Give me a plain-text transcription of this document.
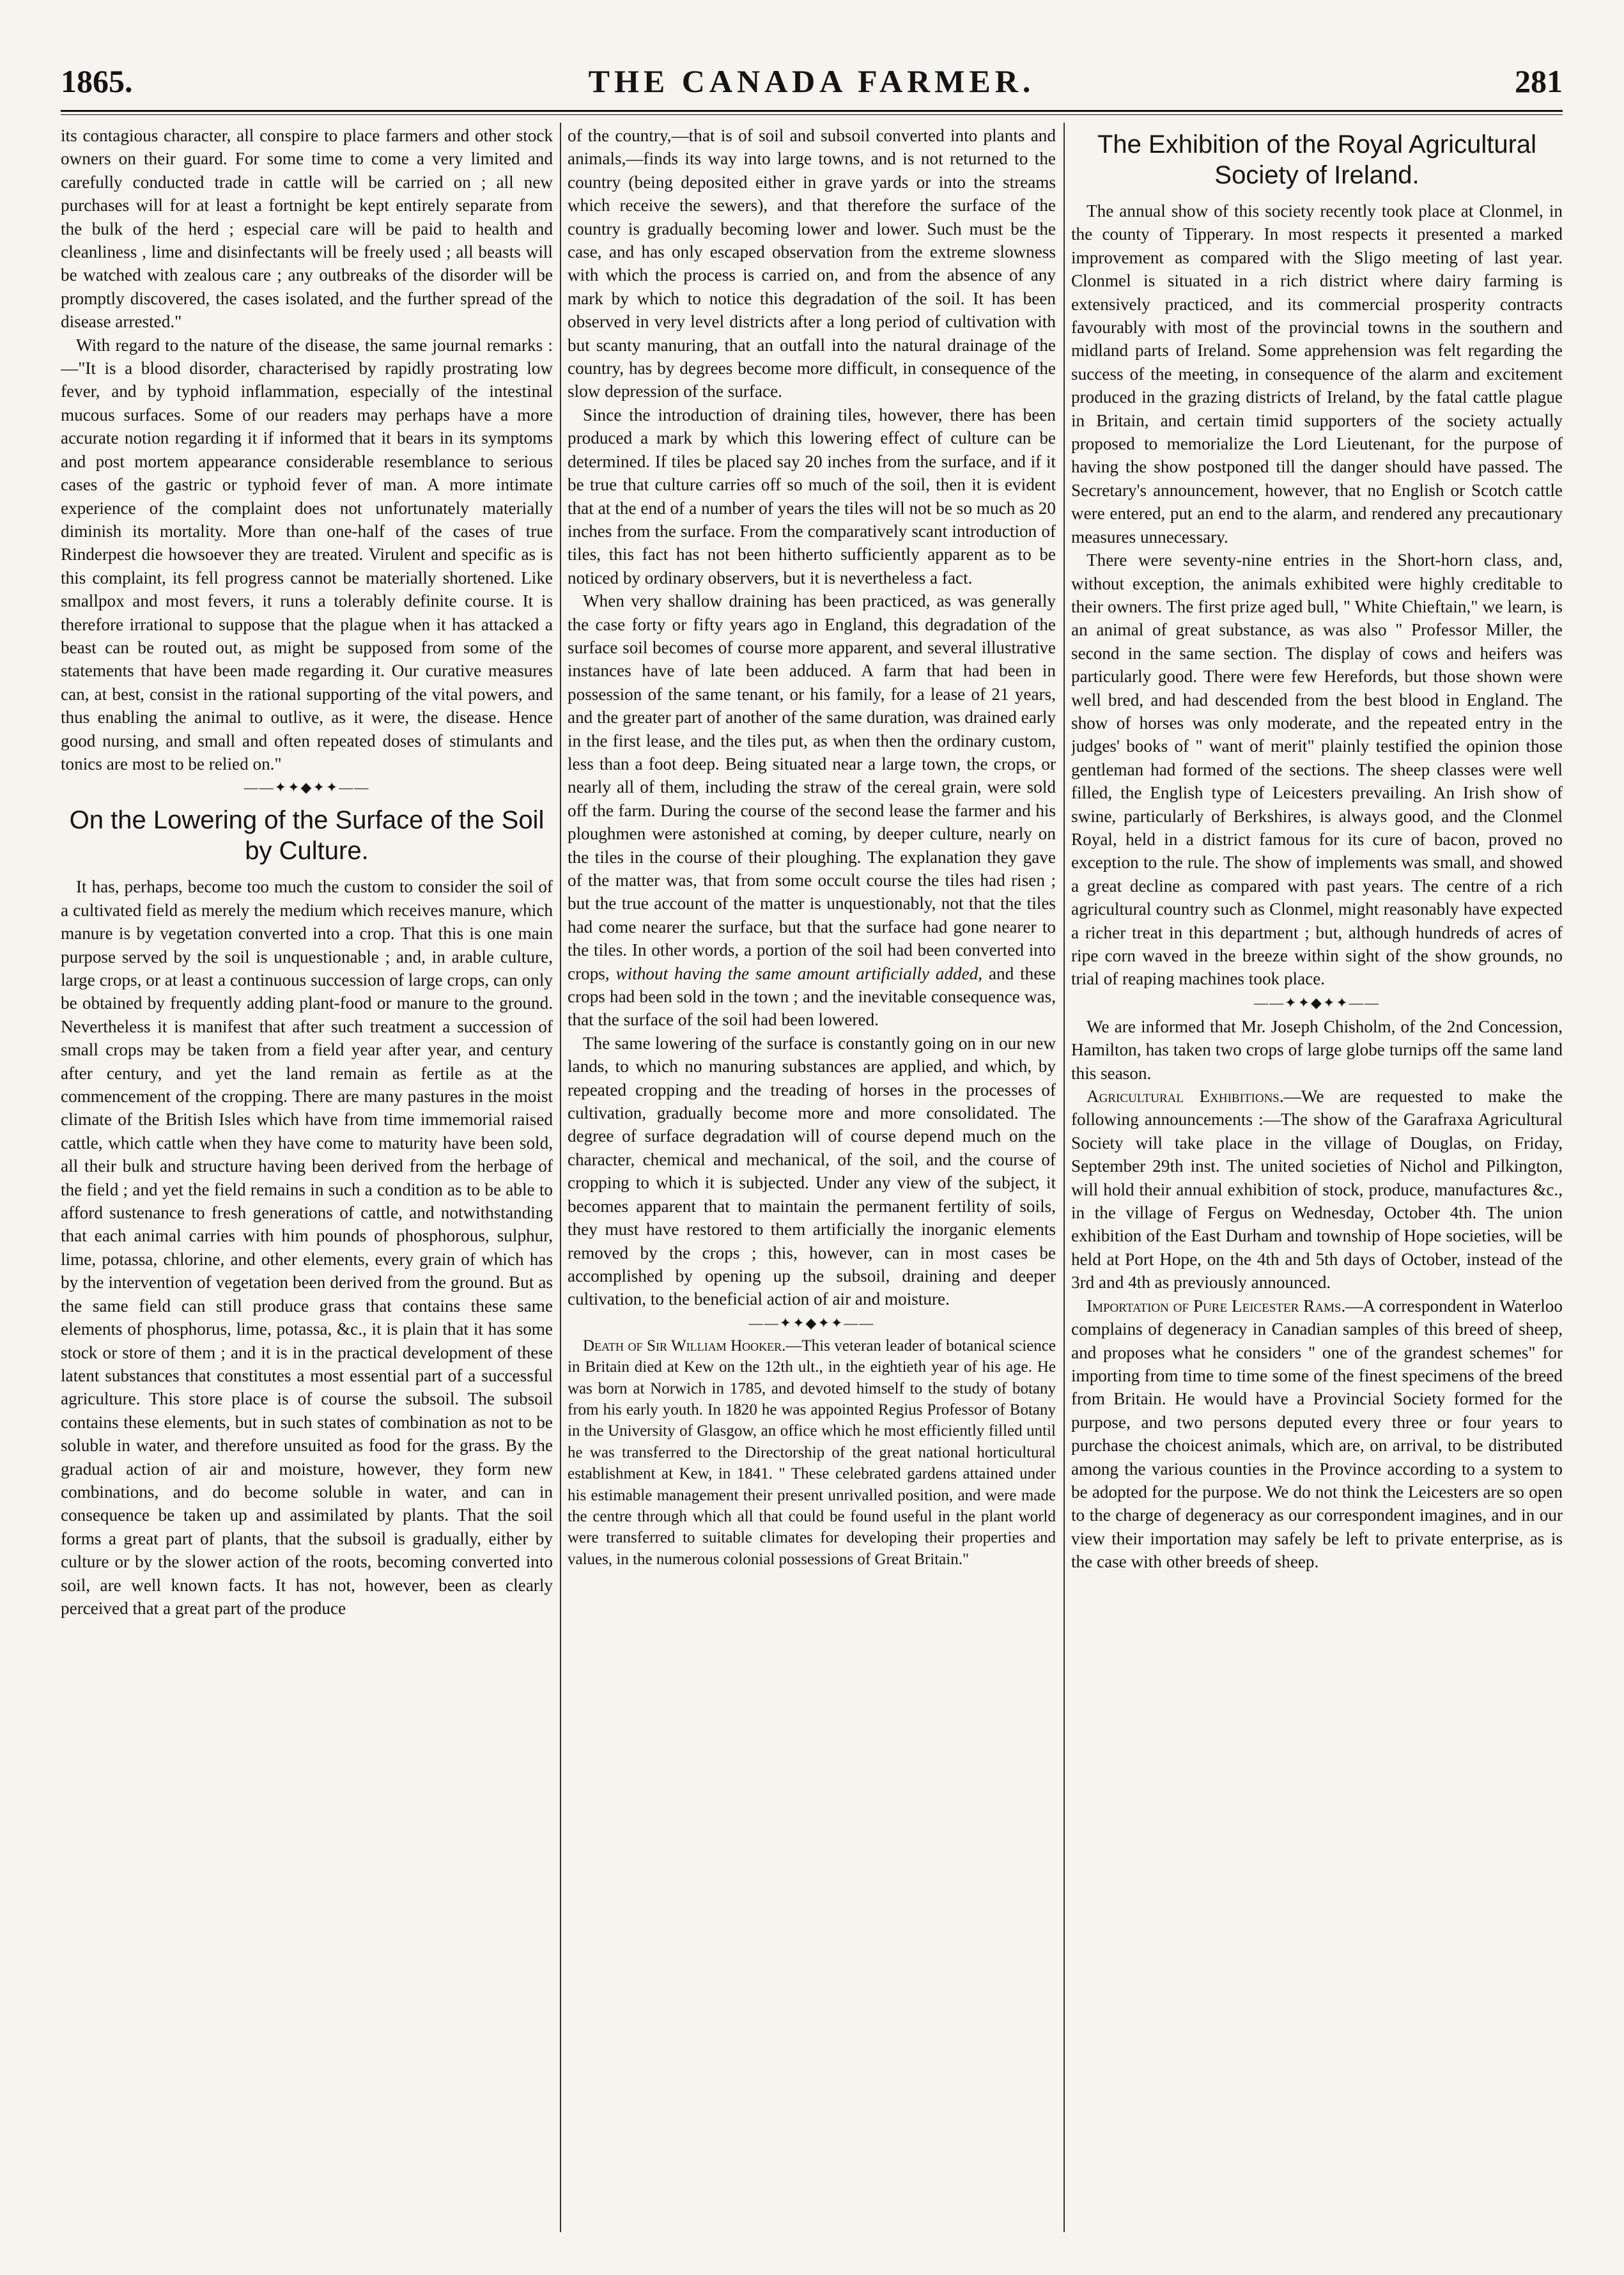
THE CANADA FARMER.
1865.	281

its contagious character, all conspire to place farmers and other stock owners on their guard. For some time to come a very limited and carefully conducted trade in cattle will be carried on ; all new purchases will for at least a fortnight be kept entirely separate from the bulk of the herd ; especial care will be paid to health and cleanliness , lime and disinfectants will be freely used ; all beasts will be watched with zealous care ; any outbreaks of the disorder will be promptly discovered, the cases isolated, and the further spread of the disease arrested."

With regard to the nature of the disease, the same journal remarks :—"It is a blood disorder, characterised by rapidly prostrating low fever, and by typhoid inflammation, especially of the intestinal mucous surfaces. Some of our readers may perhaps have a more accurate notion regarding it if informed that it bears in its symptoms and post mortem appearance considerable resemblance to serious cases of the gastric or typhoid fever of man. A more intimate experience of the complaint does not unfortunately materially diminish its mortality. More than one-half of the cases of true Rinderpest die howsoever they are treated. Virulent and specific as is this complaint, its fell progress cannot be materially shortened. Like smallpox and most fevers, it runs a tolerably definite course. It is therefore irrational to suppose that the plague when it has attacked a beast can be routed out, as might be supposed from some of the statements that have been made regarding it. Our curative measures can, at best, consist in the rational supporting of the vital powers, and thus enabling the animal to outlive, as it were, the disease. Hence good nursing, and small and often repeated doses of stimulants and tonics are most to be relied on."

——✦✦◆✦✦——
On the Lowering of the Surface of the Soil by Culture.

It has, perhaps, become too much the custom to consider the soil of a cultivated field as merely the medium which receives manure, which manure is by vegetation converted into a crop. That this is one main purpose served by the soil is unquestionable ; and, in arable culture, large crops, or at least a continuous succession of large crops, can only be obtained by frequently adding plant-food or manure to the ground. Nevertheless it is manifest that after such treatment a succession of small crops may be taken from a field year after year, and century after century, and yet the land remain as fertile as at the commencement of the cropping. There are many pastures in the moist climate of the British Isles which have from time immemorial raised cattle, which cattle when they have come to maturity have been sold, all their bulk and structure having been derived from the herbage of the field ; and yet the field remains in such a condition as to be able to afford sustenance to fresh generations of cattle, and notwithstanding that each animal carries with him pounds of phosphorous, sulphur, lime, potassa, chlorine, and other elements, every grain of which has by the intervention of vegetation been derived from the ground. But as the same field can still produce grass that contains these same elements of phosphorus, lime, potassa, &c., it is plain that it has some stock or store of them ; and it is in the practical development of these latent substances that constitutes a most essential part of a successful agriculture. This store place is of course the subsoil. The subsoil contains these elements, but in such states of combination as not to be soluble in water, and therefore unsuited as food for the grass. By the gradual action of air and moisture, however, they form new combinations, and do become soluble in water, and can in consequence be taken up and assimilated by plants. That the soil forms a great part of plants, that the subsoil is gradually, either by culture or by the slower action of the roots, becoming converted into soil, are well known facts. It has not, however, been as clearly perceived that a great part of the produce

of the country,—that is of soil and subsoil converted into plants and animals,—finds its way into large towns, and is not returned to the country (being deposited either in grave yards or into the streams which receive the sewers), and that therefore the surface of the country is gradually becoming lower and lower. Such must be the case, and has only escaped observation from the extreme slowness with which the process is carried on, and from the absence of any mark by which to notice this degradation of the soil. It has been observed in very level districts after a long period of cultivation with but scanty manuring, that an outfall into the natural drainage of the country, has by degrees become more difficult, in consequence of the slow depression of the surface.

Since the introduction of draining tiles, however, there has been produced a mark by which this lowering effect of culture can be determined. If tiles be placed say 20 inches from the surface, and if it be true that culture carries off so much of the soil, then it is evident that at the end of a number of years the tiles will not be so much as 20 inches from the surface. From the comparatively scant introduction of tiles, this fact has not been hitherto sufficiently apparent as to be noticed by ordinary observers, but it is nevertheless a fact.

When very shallow draining has been practiced, as was generally the case forty or fifty years ago in England, this degradation of the surface soil becomes of course more apparent, and several illustrative instances have of late been adduced. A farm that had been in possession of the same tenant, or his family, for a lease of 21 years, and the greater part of another of the same duration, was drained early in the first lease, and the tiles put, as when then the ordinary custom, less than a foot deep. Being situated near a large town, the crops, or nearly all of them, including the straw of the cereal grain, were sold off the farm. During the course of the second lease the farmer and his ploughmen were astonished at coming, by deeper culture, nearly on the tiles in the course of their ploughing. The explanation they gave of the matter was, that from some occult course the tiles had risen ; but the true account of the matter is unquestionably, not that the tiles had come nearer the surface, but that the surface had gone nearer to the tiles. In other words, a portion of the soil had been converted into crops, without having the same amount artificially added, and these crops had been sold in the town ; and the inevitable consequence was, that the surface of the soil had been lowered.

The same lowering of the surface is constantly going on in our new lands, to which no manuring substances are applied, and which, by repeated cropping and the treading of horses in the processes of cultivation, gradually become more and more consolidated. The degree of surface degradation will of course depend much on the character, chemical and mechanical, of the soil, and the course of cropping to which it is subjected. Under any view of the subject, it becomes apparent that to maintain the permanent fertility of soils, they must have restored to them artificially the inorganic elements removed by the crops ; this, however, can in most cases be accomplished by opening up the subsoil, draining and deeper cultivation, to the beneficial action of air and moisture.

——✦✦◆✦✦——

Death of Sir William Hooker.—This veteran leader of botanical science in Britain died at Kew on the 12th ult., in the eightieth year of his age. He was born at Norwich in 1785, and devoted himself to the study of botany from his early youth. In 1820 he was appointed Regius Professor of Botany in the University of Glasgow, an office which he most efficiently filled until he was transferred to the Directorship of the great national horticultural establishment at Kew, in 1841. " These celebrated gardens attained under his estimable management their present unrivalled position, and were made the centre through which all that could be found useful in the plant world were transferred to suitable climates for developing their properties and values, in the numerous colonial possessions of Great Britain."

The Exhibition of the Royal Agricultural Society of Ireland.

The annual show of this society recently took place at Clonmel, in the county of Tipperary. In most respects it presented a marked improvement as compared with the Sligo meeting of last year. Clonmel is situated in a rich district where dairy farming is extensively practiced, and its commercial prosperity contracts favourably with most of the provincial towns in the southern and midland parts of Ireland. Some apprehension was felt regarding the success of the meeting, in consequence of the alarm and excitement produced in the grazing districts of Ireland, by the fatal cattle plague in Britain, and certain timid supporters of the society actually proposed to memorialize the Lord Lieutenant, for the purpose of having the show postponed till the danger should have passed. The Secretary's announcement, however, that no English or Scotch cattle were entered, put an end to the alarm, and rendered any precautionary measures unnecessary.

There were seventy-nine entries in the Short-horn class, and, without exception, the animals exhibited were highly creditable to their owners. The first prize aged bull, " White Chieftain," we learn, is an animal of great substance, as was also " Professor Miller, the second in the same section. The display of cows and heifers was particularly good. There were few Herefords, but those shown were well bred, and had descended from the best blood in England. The show of horses was only moderate, and the repeated entry in the judges' books of " want of merit" plainly testified the opinion those gentleman had formed of the sections. The sheep classes were well filled, the English type of Leicesters prevailing. An Irish show of swine, particularly of Berkshires, is always good, and the Clonmel Royal, held in a district famous for its cure of bacon, proved no exception to the rule. The show of implements was small, and showed a great decline as compared with past years. The centre of a rich agricultural country such as Clonmel, might reasonably have expected a richer treat in this department ; but, although hundreds of acres of ripe corn waved in the breeze within sight of the show grounds, no trial of reaping machines took place.

——✦✦◆✦✦——

We are informed that Mr. Joseph Chisholm, of the 2nd Concession, Hamilton, has taken two crops of large globe turnips off the same land this season.

Agricultural Exhibitions.—We are requested to make the following announcements :—The show of the Garafraxa Agricultural Society will take place in the village of Douglas, on Friday, September 29th inst. The united societies of Nichol and Pilkington, will hold their annual exhibition of stock, produce, manufactures &c., in the village of Fergus on Wednesday, October 4th. The union exhibition of the East Durham and township of Hope societies, will be held at Port Hope, on the 4th and 5th days of October, instead of the 3rd and 4th as previously announced.

Importation of Pure Leicester Rams.—A correspondent in Waterloo complains of degeneracy in Canadian samples of this breed of sheep, and proposes what he considers " one of the grandest schemes" for importing from time to time some of the finest specimens of the breed from Britain. He would have a Provincial Society formed for the purpose, and two persons deputed every three or four years to purchase the choicest animals, which are, on arrival, to be distributed among the various counties in the Province according to a system to be adopted for the purpose. We do not think the Leicesters are so open to the charge of degeneracy as our correspondent imagines, and in our view their importation may safely be left to private enterprise, as is the case with other breeds of sheep.
